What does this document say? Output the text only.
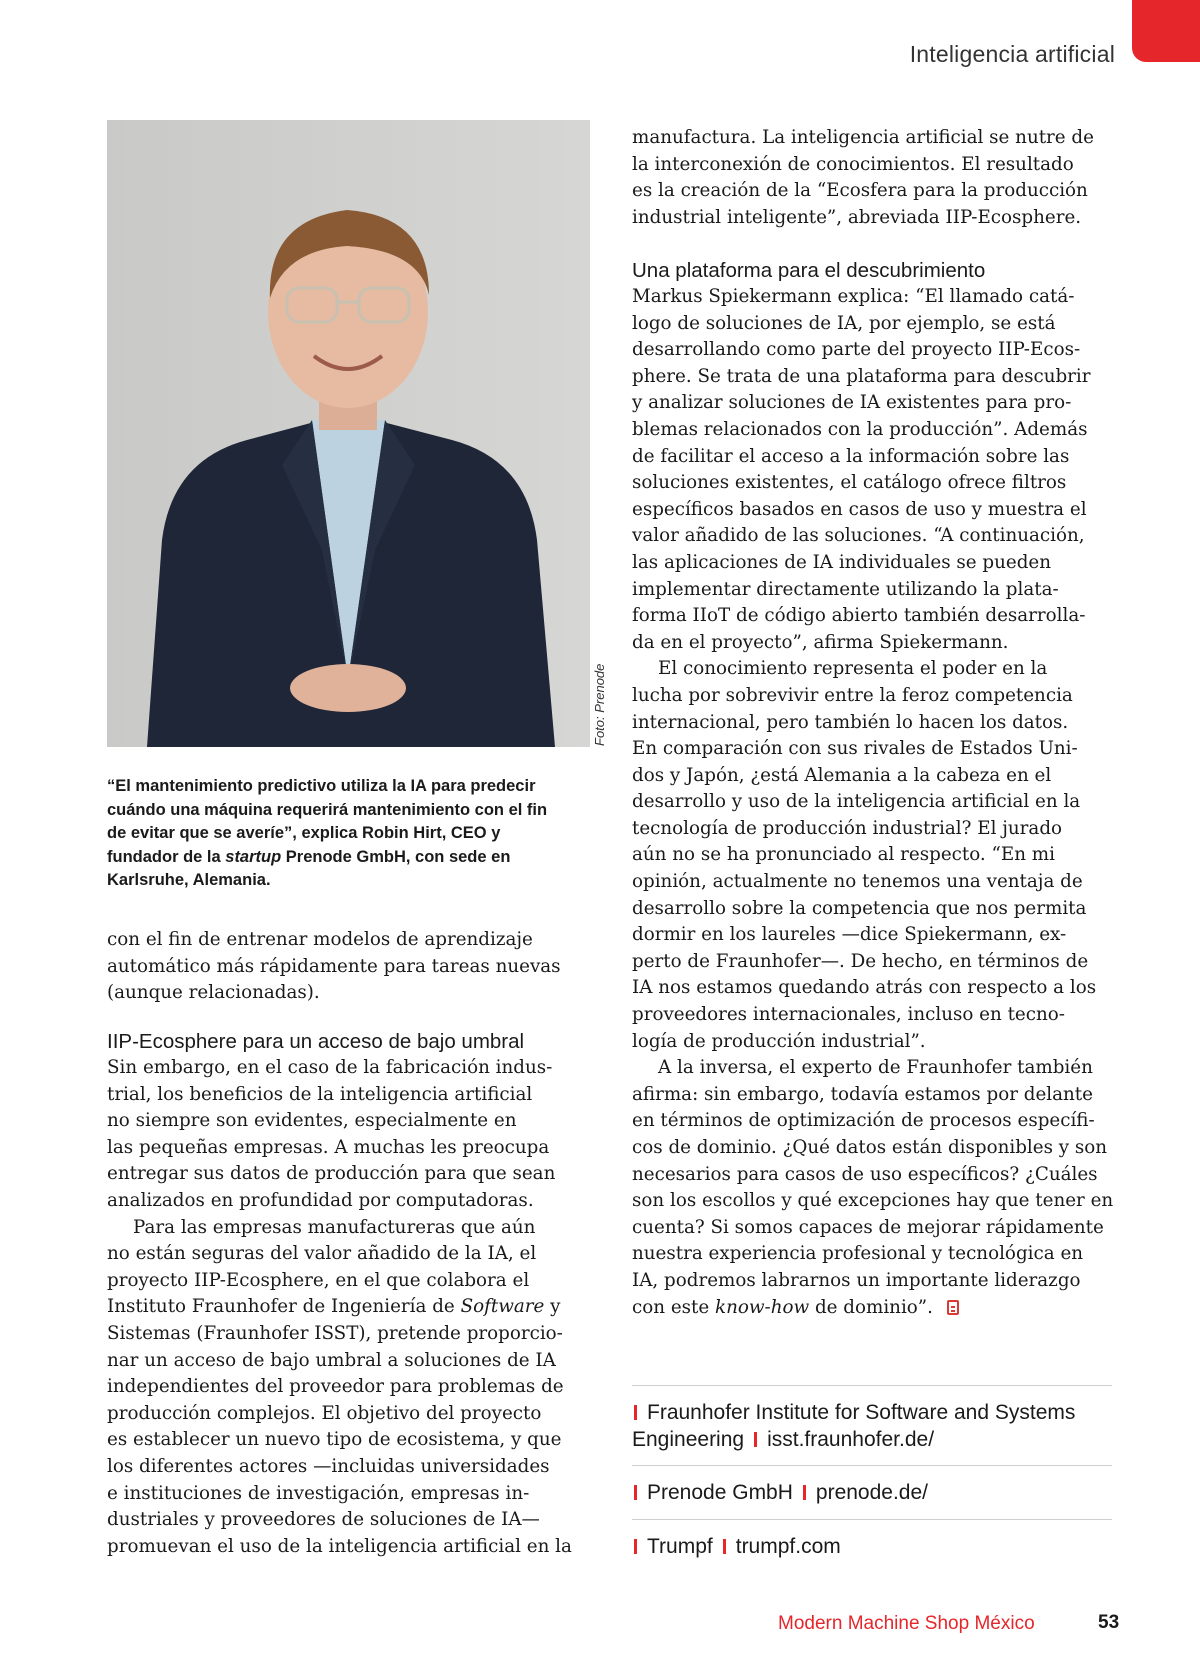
Inteligencia artificial
Foto: Prenode
“El mantenimiento predictivo utiliza la IA para predecir
cuándo una máquina requerirá mantenimiento con el fin
de evitar que se averíe”, explica Robin Hirt, CEO y
fundador de la startup Prenode GmbH, con sede en
Karlsruhe, Alemania.
con el fin de entrenar modelos de aprendizaje
automático más rápidamente para tareas nuevas
(aunque relacionadas).
IIP-Ecosphere para un acceso de bajo umbral
Sin embargo, en el caso de la fabricación indus-
trial, los beneficios de la inteligencia artificial
no siempre son evidentes, especialmente en
las pequeñas empresas. A muchas les preocupa
entregar sus datos de producción para que sean
analizados en profundidad por computadoras.
Para las empresas manufactureras que aún
no están seguras del valor añadido de la IA, el
proyecto IIP-Ecosphere, en el que colabora el
Instituto Fraunhofer de Ingeniería de Software y
Sistemas (Fraunhofer ISST), pretende proporcio-
nar un acceso de bajo umbral a soluciones de IA
independientes del proveedor para problemas de
producción complejos. El objetivo del proyecto
es establecer un nuevo tipo de ecosistema, y que
los diferentes actores —incluidas universidades
e instituciones de investigación, empresas in-
dustriales y proveedores de soluciones de IA—
promuevan el uso de la inteligencia artificial en la
manufactura. La inteligencia artificial se nutre de
la interconexión de conocimientos. El resultado
es la creación de la “Ecosfera para la producción
industrial inteligente”, abreviada IIP-Ecosphere.
Una plataforma para el descubrimiento
Markus Spiekermann explica: “El llamado catá-
logo de soluciones de IA, por ejemplo, se está
desarrollando como parte del proyecto IIP-Ecos-
phere. Se trata de una plataforma para descubrir
y analizar soluciones de IA existentes para pro-
blemas relacionados con la producción”. Además
de facilitar el acceso a la información sobre las
soluciones existentes, el catálogo ofrece filtros
específicos basados en casos de uso y muestra el
valor añadido de las soluciones. “A continuación,
las aplicaciones de IA individuales se pueden
implementar directamente utilizando la plata-
forma IIoT de código abierto también desarrolla-
da en el proyecto”, afirma Spiekermann.
El conocimiento representa el poder en la
lucha por sobrevivir entre la feroz competencia
internacional, pero también lo hacen los datos.
En comparación con sus rivales de Estados Uni-
dos y Japón, ¿está Alemania a la cabeza en el
desarrollo y uso de la inteligencia artificial en la
tecnología de producción industrial? El jurado
aún no se ha pronunciado al respecto. “En mi
opinión, actualmente no tenemos una ventaja de
desarrollo sobre la competencia que nos permita
dormir en los laureles —dice Spiekermann, ex-
perto de Fraunhofer—. De hecho, en términos de
IA nos estamos quedando atrás con respecto a los
proveedores internacionales, incluso en tecno-
logía de producción industrial”.
A la inversa, el experto de Fraunhofer también
afirma: sin embargo, todavía estamos por delante
en términos de optimización de procesos específi-
cos de dominio. ¿Qué datos están disponibles y son
necesarios para casos de uso específicos? ¿Cuáles
son los escollos y qué excepciones hay que tener en
cuenta? Si somos capaces de mejorar rápidamente
nuestra experiencia profesional y tecnológica en
IA, podremos labrarnos un importante liderazgo
con este know-how de dominio”.
Fraunhofer Institute for Software and Systems
Engineering isst.fraunhofer.de/
Prenode GmbH prenode.de/
Trumpf trumpf.com
Modern Machine Shop México	53
